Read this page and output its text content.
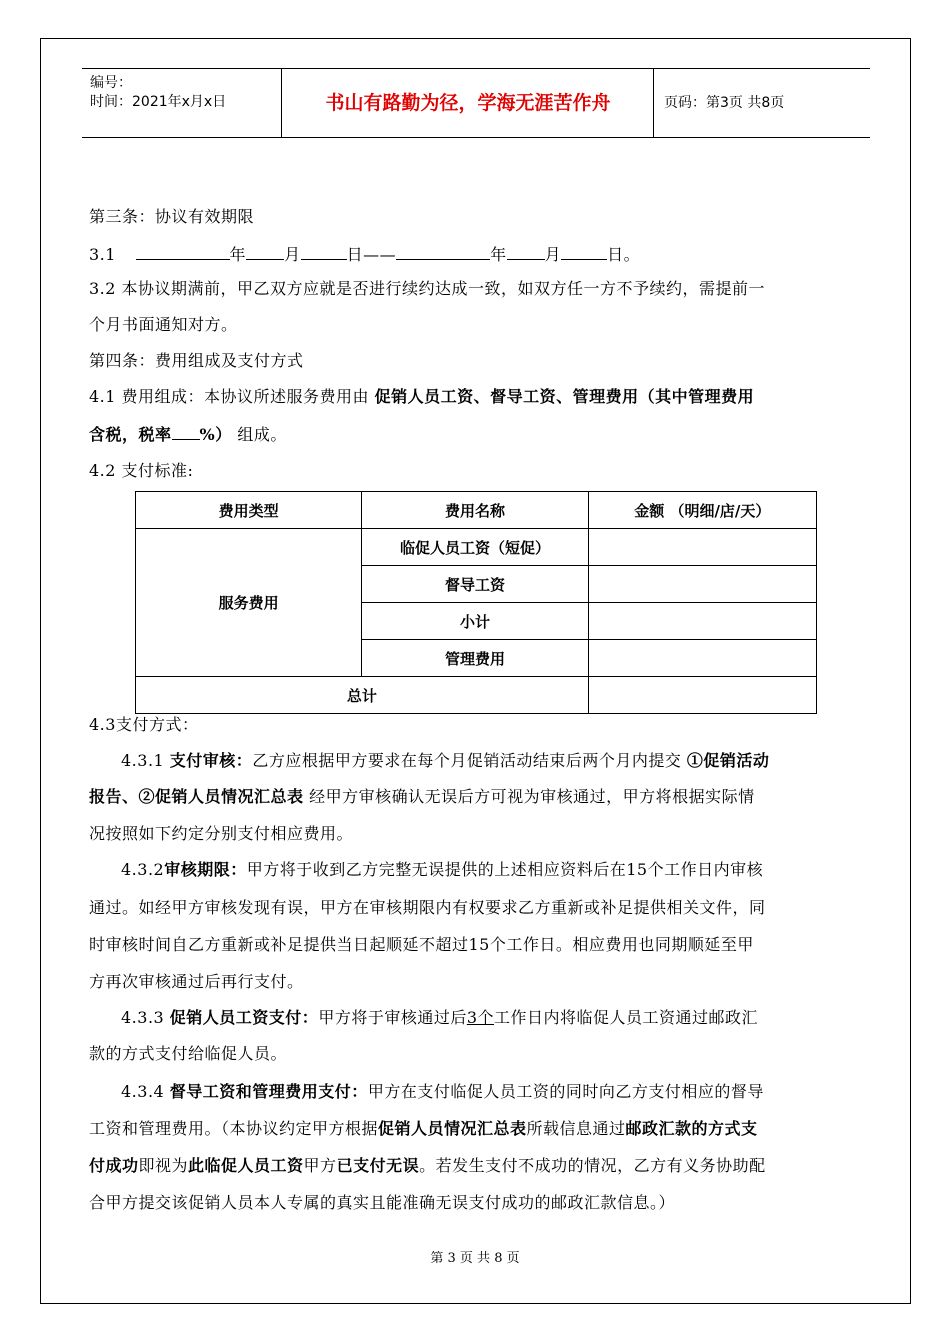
编号：
时间：2021年x月x日	书山有路勤为径，学海无涯苦作舟	页码：第3页 共8页
第三条：协议有效期限
3.1	年 月	日——	年 月	日。
3.2 本协议期满前，甲乙双方应就是否进行续约达成一致，如双方任一方不予续约，需提前一
个月书面通知对方。
第四条：费用组成及支付方式
4.1 费用组成：本协议所述服务费用由 促销人员工资、督导工资、管理费用（其中管理费用
含税，税率 %） 组成。
4.2 支付标准:
费用类型	费用名称	金额 （明细/店/天）
服务费用	临促人员工资（短促）	
	督导工资	
	小计	
	管理费用	
总计		
4.3支付方式：
4.3.1 支付审核：乙方应根据甲方要求在每个月促销活动结束后两个月内提交 ①促销活动
报告、②促销人员情况汇总表 经甲方审核确认无误后方可视为审核通过，甲方将根据实际情
况按照如下约定分别支付相应费用。
4.3.2审核期限：甲方将于收到乙方完整无误提供的上述相应资料后在15个工作日内审核
通过。如经甲方审核发现有误，甲方在审核期限内有权要求乙方重新或补足提供相关文件，同
时审核时间自乙方重新或补足提供当日起顺延不超过15个工作日。相应费用也同期顺延至甲
方再次审核通过后再行支付。
4.3.3 促销人员工资支付：甲方将于审核通过后3个工作日内将临促人员工资通过邮政汇
款的方式支付给临促人员。
4.3.4 督导工资和管理费用支付：甲方在支付临促人员工资的同时向乙方支付相应的督导
工资和管理费用。（本协议约定甲方根据促销人员情况汇总表所载信息通过邮政汇款的方式支
付成功即视为此临促人员工资甲方已支付无误。若发生支付不成功的情况，乙方有义务协助配
合甲方提交该促销人员本人专属的真实且能准确无误支付成功的邮政汇款信息。）
第 3 页 共 8 页
